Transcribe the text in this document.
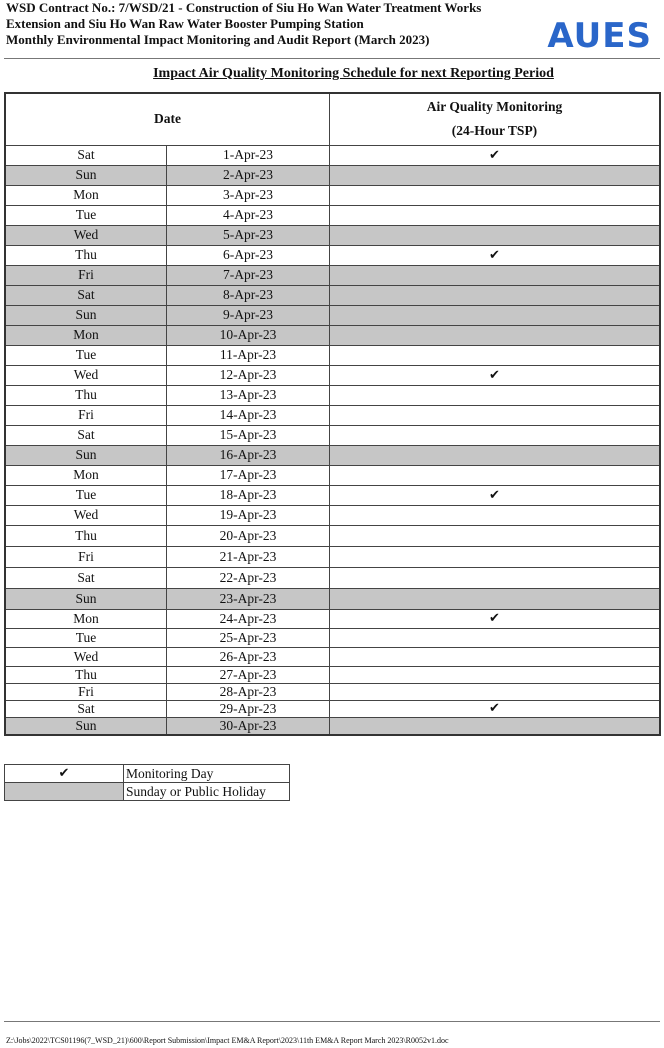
WSD Contract No.: 7/WSD/21 - Construction of Siu Ho Wan Water Treatment Works
Extension and Siu Ho Wan Raw Water Booster Pumping Station
Monthly Environmental Impact Monitoring and Audit Report (March 2023)	AUES
Impact Air Quality Monitoring Schedule for next Reporting Period
Date		Air Quality Monitoring
(24-Hour TSP)

Sat	1-Apr-23	✔
Sun	2-Apr-23	
Mon	3-Apr-23	
Tue	4-Apr-23	
Wed	5-Apr-23	
Thu	6-Apr-23	✔
Fri	7-Apr-23	
Sat	8-Apr-23	
Sun	9-Apr-23	
Mon	10-Apr-23	
Tue	11-Apr-23	
Wed	12-Apr-23	✔
Thu	13-Apr-23	
Fri	14-Apr-23	
Sat	15-Apr-23	
Sun	16-Apr-23	
Mon	17-Apr-23	
Tue	18-Apr-23	✔
Wed	19-Apr-23	
Thu	20-Apr-23	
Fri	21-Apr-23	
Sat	22-Apr-23	
Sun	23-Apr-23	
Mon	24-Apr-23	✔
Tue	25-Apr-23	
Wed	26-Apr-23	
Thu	27-Apr-23	
Fri	28-Apr-23	
Sat	29-Apr-23	✔
Sun	30-Apr-23	
✔	Monitoring Day
	Sunday or Public Holiday
Z:\Jobs\2022\TCS01196(7_WSD_21)\600\Report Submission\Impact EM&A Report\2023\11th EM&A Report March 2023\R0052v1.doc
